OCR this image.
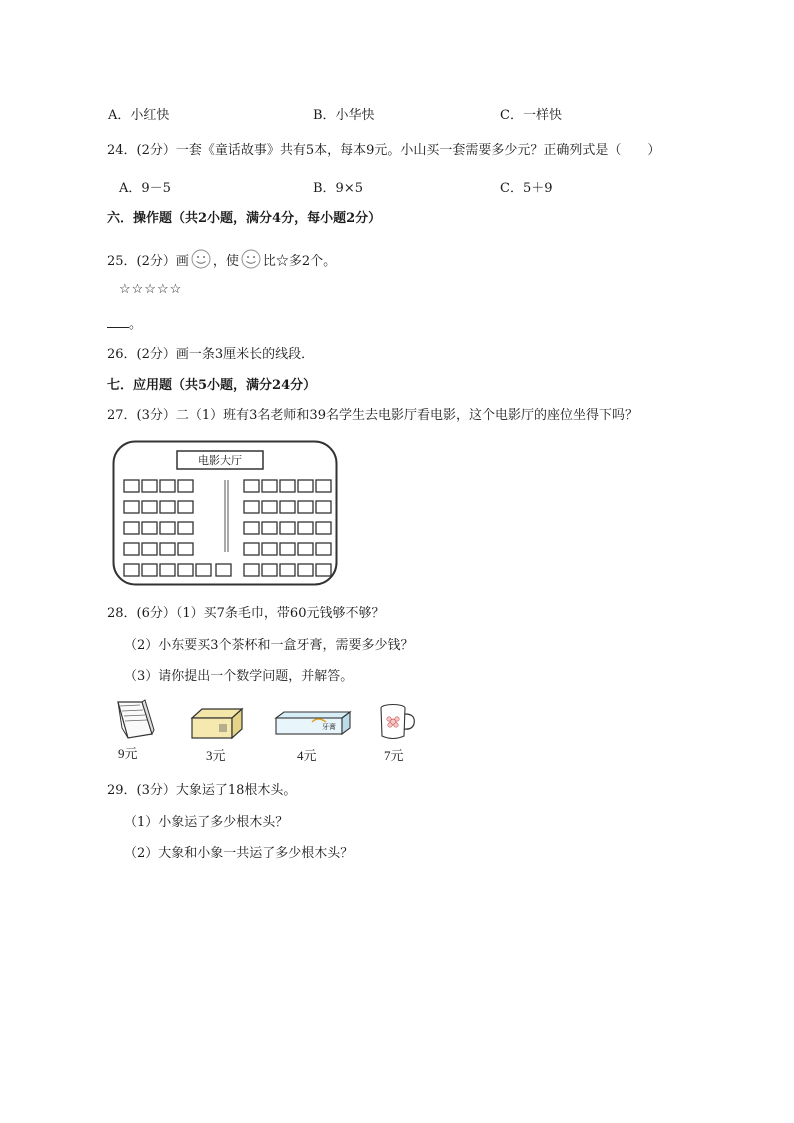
A．小红快	B．小华快	C．一样快
24．(2分）一套《童话故事》共有5本，每本9元。小山买一套需要多少元？正确列式是（　　）
A．9－5	B．9×5	C．5＋9
六．操作题（共2小题，满分4分，每小题2分）
25．(2分）画 ，使 比☆多2个。
☆☆☆☆☆
。
26．(2分）画一条3厘米长的线段．
七．应用题（共5小题，满分24分）
27．(3分）二（1）班有3名老师和39名学生去电影厅看电影，这个电影厅的座位坐得下吗？
电影大厅
28．(6分）（1）买7条毛巾，带60元钱够不够？
（2）小东要买3个茶杯和一盒牙膏，需要多少钱？
（3）请你提出一个数学问题，并解答。
9元	3元
牙膏
4元	7元
29．(3分）大象运了18根木头。
（1）小象运了多少根木头？
（2）大象和小象一共运了多少根木头？
